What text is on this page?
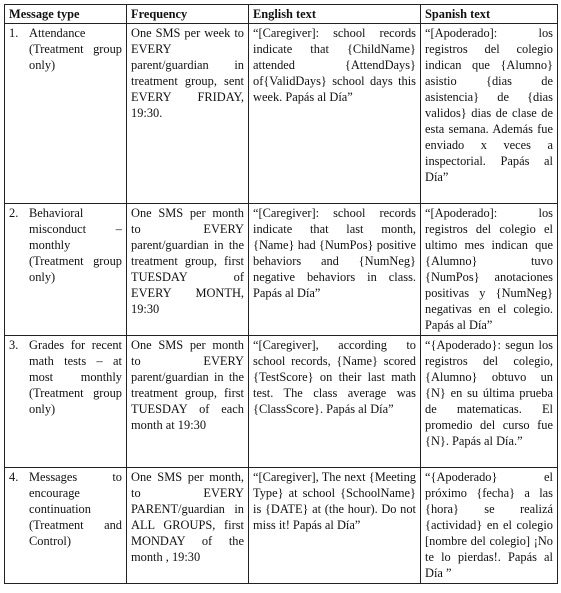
Message type	Frequency	English text	Spanish text

1. Attendance (Treatment group only)	One SMS per week to EVERY parent/guardian in treatment group, sent EVERY FRIDAY, 19:30.	“[Caregiver]: school records indicate that {ChildName} attended {AttendDays} of{ValidDays} school days this week. Papás al Día”	“[Apoderado]: los registros del colegio indican que {Alumno} asistio {dias de asistencia} de {dias validos} dias de clase de esta semana. Además fue enviado x veces a inspectorial. Papás al Día”

2. Behavioral misconduct – monthly (Treatment group only)	One SMS per month to EVERY parent/guardian in the treatment group, first TUESDAY of EVERY MONTH, 19:30	“[Caregiver]: school records indicate that last month, {Name} had {NumPos} positive behaviors and {NumNeg} negative behaviors in class. Papás al Día”	“[Apoderado]: los registros del colegio el ultimo mes indican que {Alumno} tuvo {NumPos} anotaciones positivas y {NumNeg} negativas en el colegio. Papás al Día”

3. Grades for recent math tests – at most monthly (Treatment group only)	One SMS per month to EVERY parent/guardian in the treatment group, first TUESDAY of each month at 19:30	“[Caregiver], according to school records, {Name} scored {TestScore} on their last math test. The class average was {ClassScore}. Papás al Día”	“{Apoderado}: segun los registros del colegio, {Alumno} obtuvo un {N} en su última prueba de matematicas. El promedio del curso fue {N}. Papás al Día.”

4. Messages to encourage continuation (Treatment and Control)	One SMS per month, to EVERY PARENT/guardian in ALL GROUPS, first MONDAY of the month , 19:30	“[Caregiver], The next {Meeting Type} at school {SchoolName} is {DATE} at (the hour). Do not miss it! Papás al Día”	“{Apoderado} el próximo {fecha} a las {hora} se realizá {actividad} en el colegio [nombre del colegio] ¡No te lo pierdas!. Papás al Día ”
